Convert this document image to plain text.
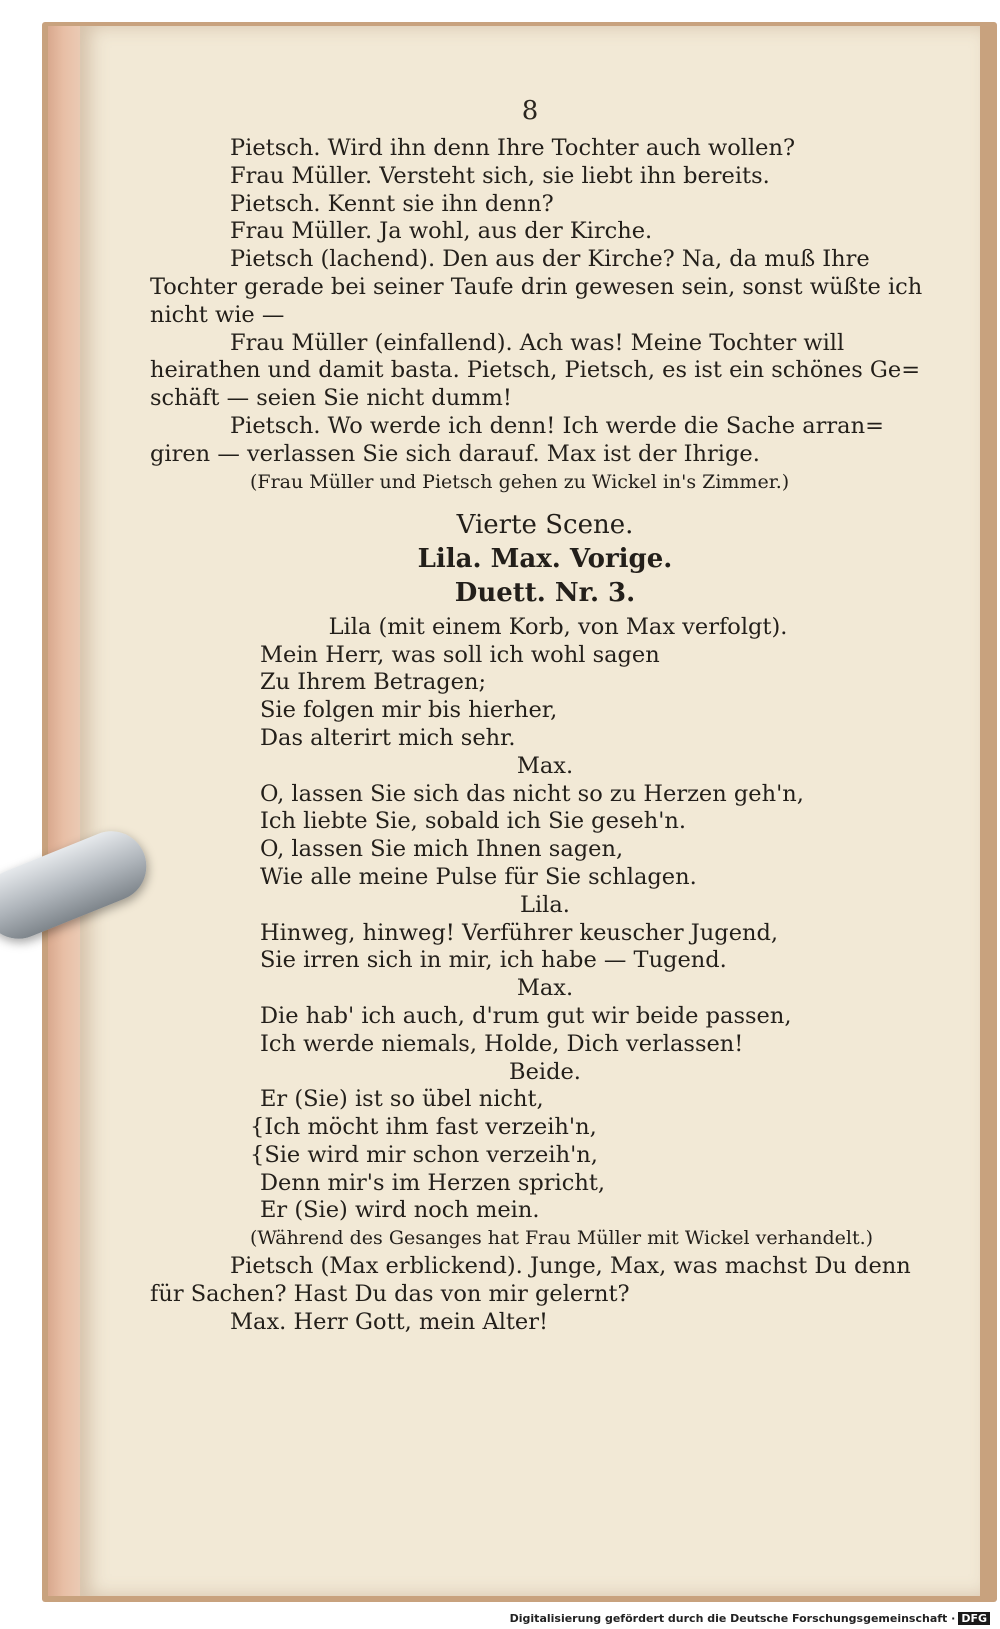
8
Pietsch. Wird ihn denn Ihre Tochter auch wollen?
Frau Müller. Versteht sich, sie liebt ihn bereits.
Pietsch. Kennt sie ihn denn?
Frau Müller. Ja wohl, aus der Kirche.
Pietsch (lachend). Den aus der Kirche? Na, da muß Ihre
Tochter gerade bei seiner Taufe drin gewesen sein, sonst wüßte ich
nicht wie —
Frau Müller (einfallend). Ach was! Meine Tochter will
heirathen und damit basta. Pietsch, Pietsch, es ist ein schönes Ge=
schäft — seien Sie nicht dumm!
Pietsch. Wo werde ich denn! Ich werde die Sache arran=
giren — verlassen Sie sich darauf. Max ist der Ihrige.
(Frau Müller und Pietsch gehen zu Wickel in's Zimmer.)
Vierte Scene.
Lila. Max. Vorige.
Duett. Nr. 3.
Lila (mit einem Korb, von Max verfolgt).
Mein Herr, was soll ich wohl sagen
Zu Ihrem Betragen;
Sie folgen mir bis hierher,
Das alterirt mich sehr.
Max.
O, lassen Sie sich das nicht so zu Herzen geh'n,
Ich liebte Sie, sobald ich Sie geseh'n.
O, lassen Sie mich Ihnen sagen,
Wie alle meine Pulse für Sie schlagen.
Lila.
Hinweg, hinweg! Verführer keuscher Jugend,
Sie irren sich in mir, ich habe — Tugend.
Max.
Die hab' ich auch, d'rum gut wir beide passen,
Ich werde niemals, Holde, Dich verlassen!
Beide.
Er (Sie) ist so übel nicht,
{Ich möcht ihm fast verzeih'n,
{Sie wird mir schon verzeih'n,
Denn mir's im Herzen spricht,
Er (Sie) wird noch mein.
(Während des Gesanges hat Frau Müller mit Wickel verhandelt.)
Pietsch (Max erblickend). Junge, Max, was machst Du denn
für Sachen? Hast Du das von mir gelernt?
Max. Herr Gott, mein Alter!
Digitalisierung gefördert durch die Deutsche Forschungsgemeinschaft · DFG
